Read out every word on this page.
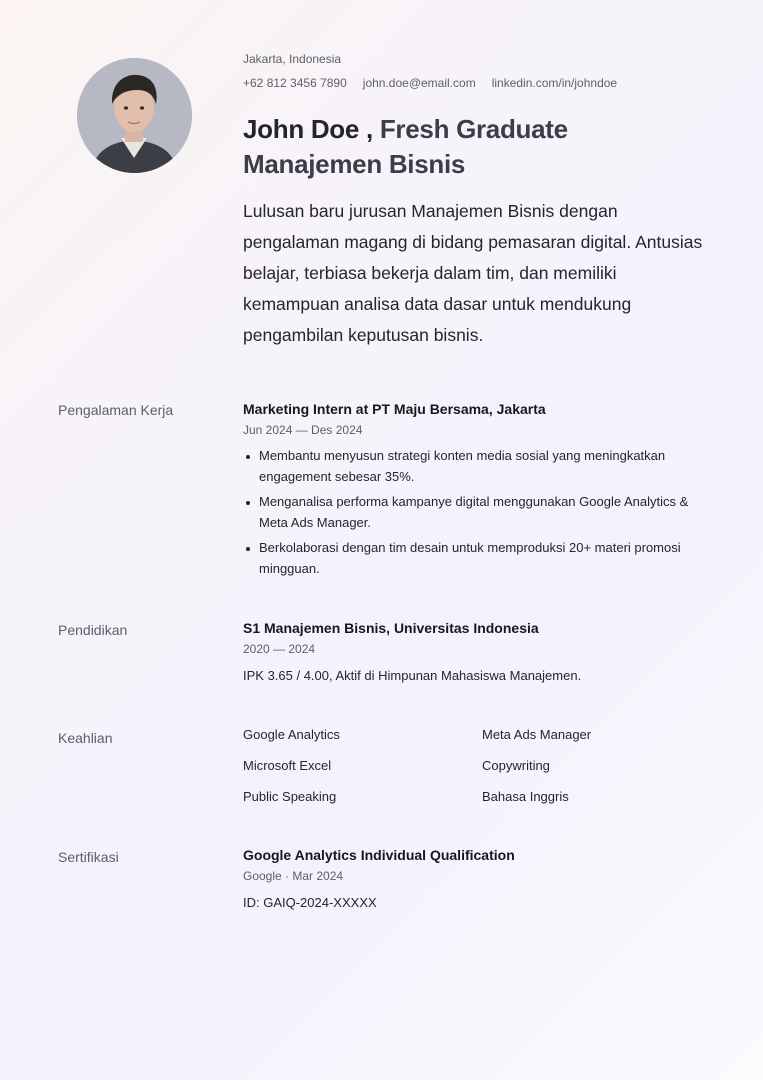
Jakarta, Indonesia
+62 812 3456 7890 john.doe@email.com linkedin.com/in/johndoe
John Doe , Fresh Graduate Manajemen Bisnis

Lulusan baru jurusan Manajemen Bisnis dengan pengalaman magang di bidang pemasaran digital. Antusias belajar, terbiasa bekerja dalam tim, dan memiliki kemampuan analisa data dasar untuk mendukung pengambilan keputusan bisnis.

Pengalaman Kerja	Marketing Intern at PT Maju Bersama, Jakarta
Jun 2024 — Des 2024
Membantu menyusun strategi konten media sosial yang meningkatkan engagement sebesar 35%.
Menganalisa performa kampanye digital menggunakan Google Analytics & Meta Ads Manager.
Berkolaborasi dengan tim desain untuk memproduksi 20+ materi promosi mingguan.
Pendidikan	S1 Manajemen Bisnis, Universitas Indonesia
2020 — 2024
IPK 3.65 / 4.00, Aktif di Himpunan Mahasiswa Manajemen.
Keahlian	Google Analytics	Meta Ads Manager
Microsoft Excel	Copywriting
Public Speaking	Bahasa Inggris
Sertifikasi	Google Analytics Individual Qualification
Google · Mar 2024
ID: GAIQ-2024-XXXXX
